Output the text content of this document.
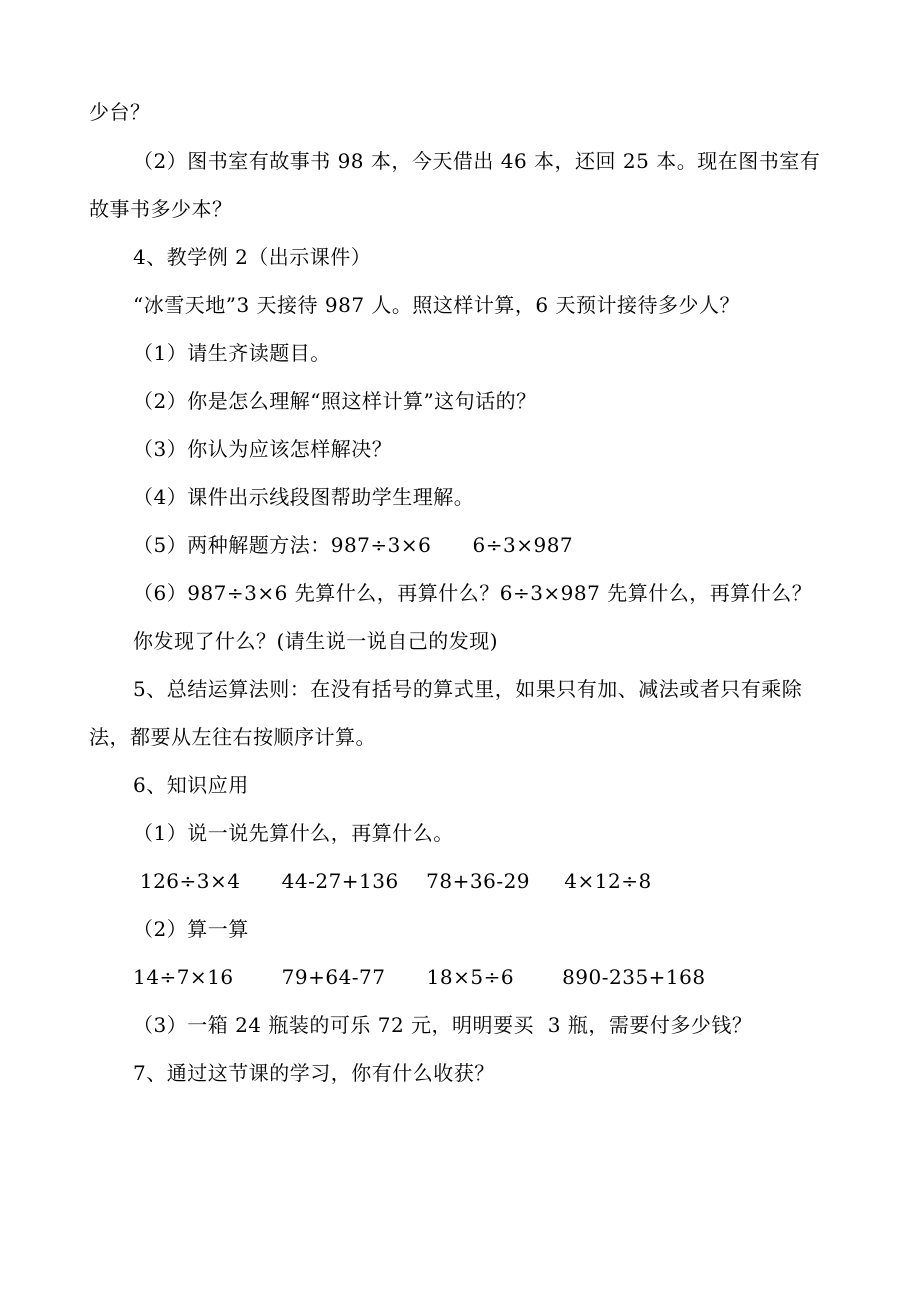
少台？
（2）图书室有故事书 98 本，今天借出 46 本，还回 25 本。现在图书室有
故事书多少本？
4、教学例 2（出示课件）
“冰雪天地”3 天接待 987 人。照这样计算，6 天预计接待多少人？
（1）请生齐读题目。
（2）你是怎么理解“照这样计算”这句话的？
（3）你认为应该怎样解决？
（4）课件出示线段图帮助学生理解。
（5）两种解题方法：987÷3×6      6÷3×987
（6）987÷3×6 先算什么，再算什么？6÷3×987 先算什么，再算什么？
你发现了什么？(请生说一说自己的发现)
5、总结运算法则：在没有括号的算式里，如果只有加、减法或者只有乘除
法，都要从左往右按顺序计算。
6、知识应用
（1）说一说先算什么，再算什么。
126÷3×4      44-27+136    78+36-29     4×12÷8
（2）算一算
14÷7×16       79+64-77      18×5÷6       890-235+168
（3）一箱 24 瓶装的可乐 72 元，明明要买  3 瓶，需要付多少钱？
7、通过这节课的学习，你有什么收获？
